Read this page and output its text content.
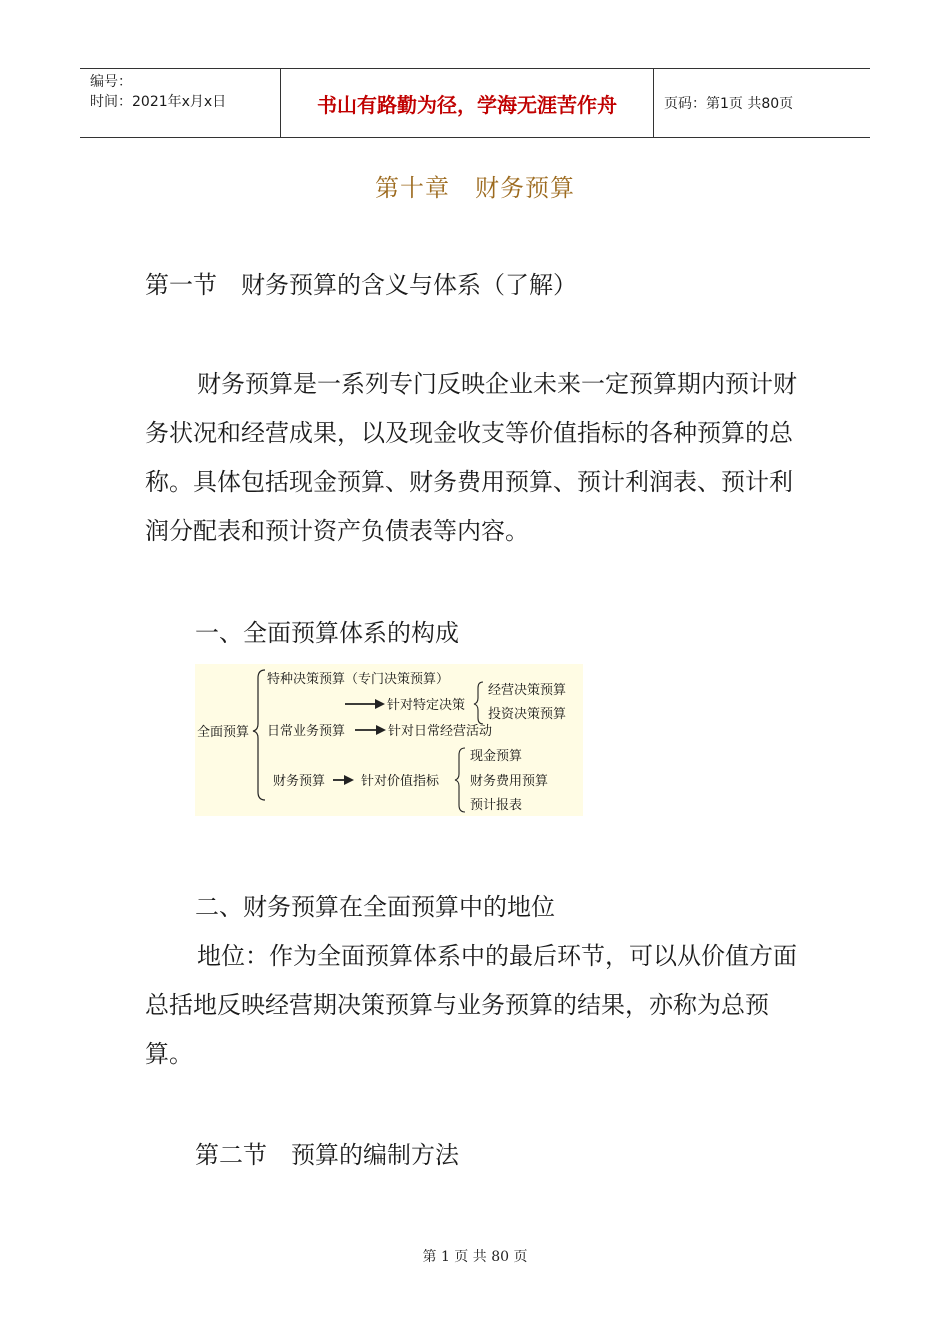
编号：
时间：2021年x月x日	书山有路勤为径，学海无涯苦作舟	页码：第1页 共80页
第十章　财务预算
第一节　财务预算的含义与体系（了解）
财务预算是一系列专门反映企业未来一定预算期内预计财务状况和经营成果，以及现金收支等价值指标的各种预算的总称。具体包括现金预算、财务费用预算、预计利润表、预计利润分配表和预计资产负债表等内容。
一、全面预算体系的构成
全面预算
特种决策预算（专门决策预算）
针对特定决策
经营决策预算
投资决策预算
日常业务预算	针对日常经营活动
财务预算	针对价值指标
现金预算
财务费用预算
预计报表
二、财务预算在全面预算中的地位
地位：作为全面预算体系中的最后环节，可以从价值方面总括地反映经营期决策预算与业务预算的结果，亦称为总预算。
第二节　预算的编制方法
第 1 页 共 80 页
